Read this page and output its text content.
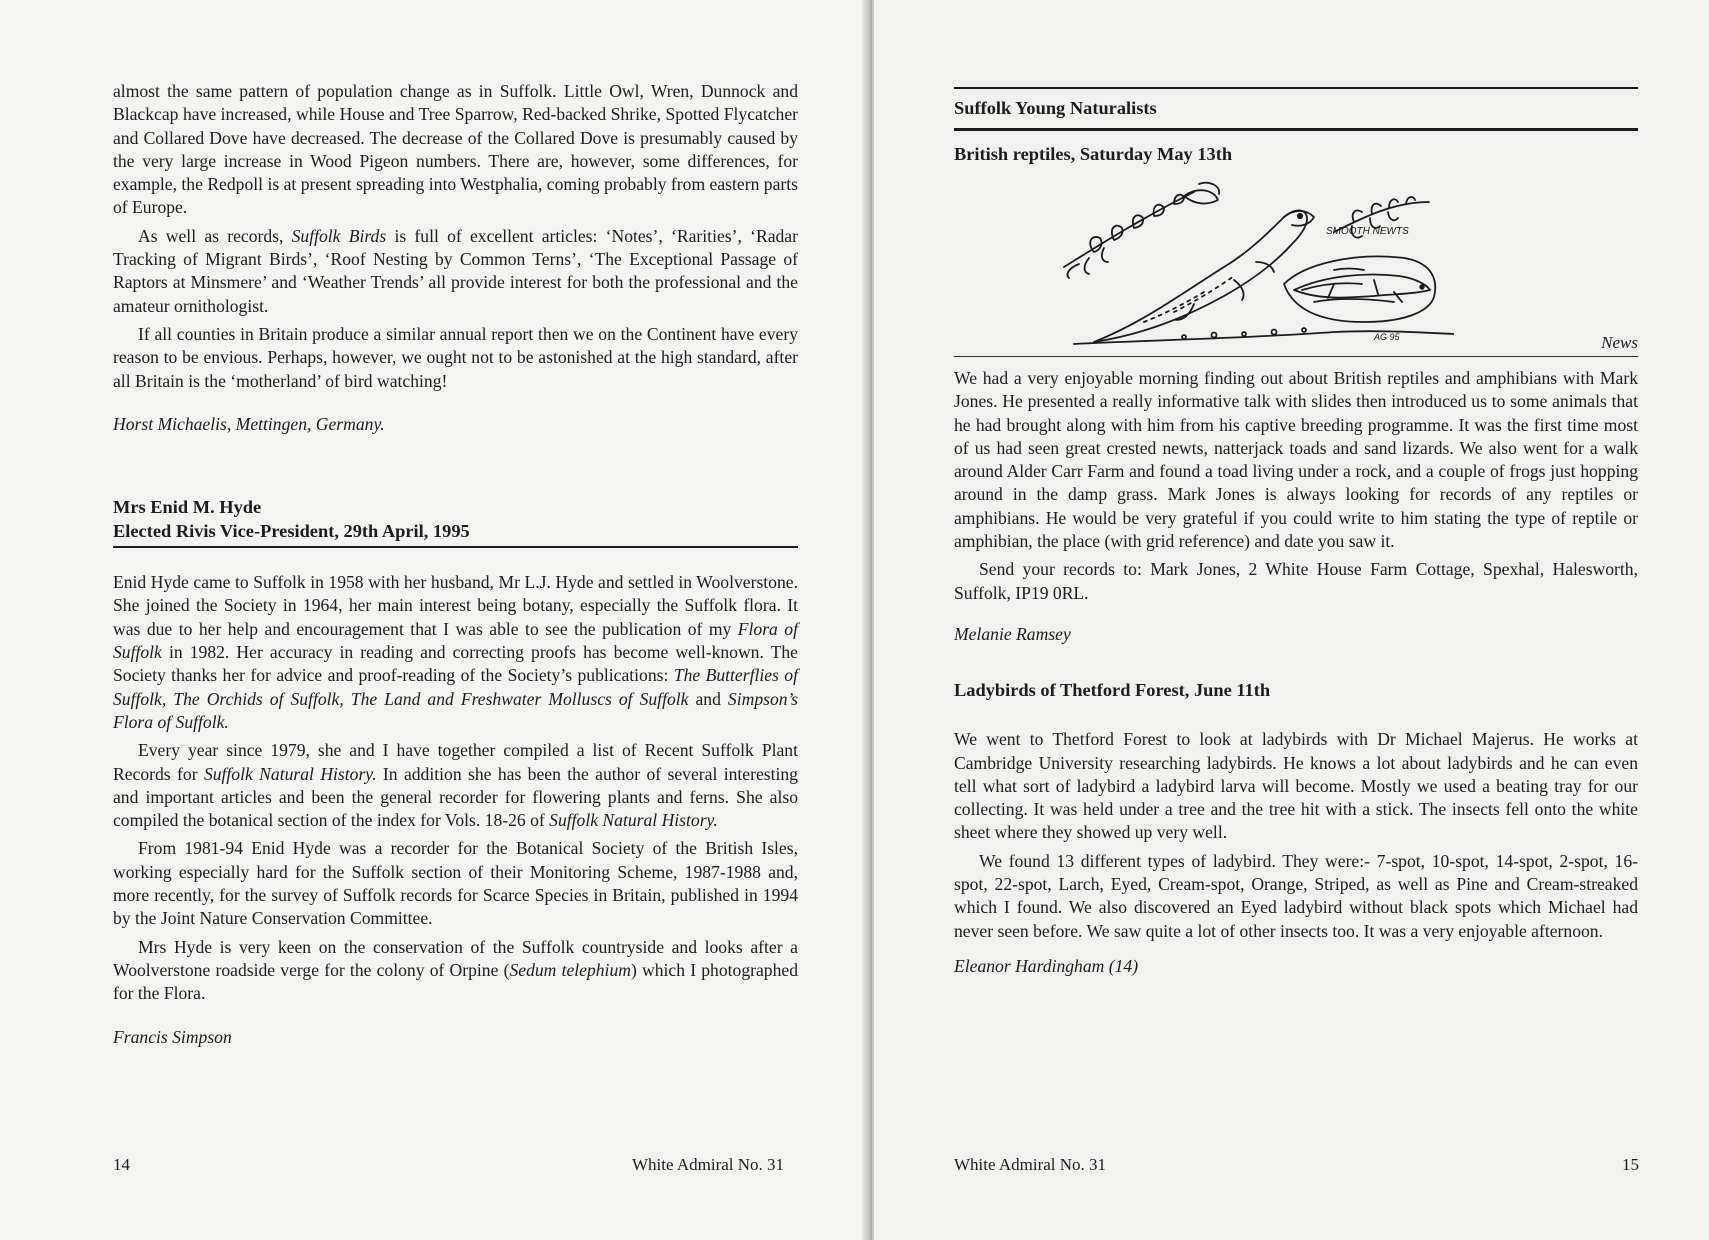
almost the same pattern of population change as in Suffolk. Little Owl, Wren, Dunnock and Blackcap have increased, while House and Tree Sparrow, Red-backed Shrike, Spotted Flycatcher and Collared Dove have decreased. The decrease of the Collared Dove is presumably caused by the very large increase in Wood Pigeon numbers. There are, however, some differences, for example, the Redpoll is at present spreading into Westphalia, coming probably from eastern parts of Europe.

As well as records, Suffolk Birds is full of excellent articles: ‘Notes’, ‘Rarities’, ‘Radar Tracking of Migrant Birds’, ‘Roof Nesting by Common Terns’, ‘The Exceptional Passage of Raptors at Minsmere’ and ‘Weather Trends’ all provide interest for both the professional and the amateur ornithologist.

If all counties in Britain produce a similar annual report then we on the Continent have every reason to be envious. Perhaps, however, we ought not to be astonished at the high standard, after all Britain is the ‘motherland’ of bird watching!

Horst Michaelis, Mettingen, Germany.

Mrs Enid M. Hyde
Elected Rivis Vice-President, 29th April, 1995

Enid Hyde came to Suffolk in 1958 with her husband, Mr L.J. Hyde and settled in Woolverstone. She joined the Society in 1964, her main interest being botany, especially the Suffolk flora. It was due to her help and encouragement that I was able to see the publication of my Flora of Suffolk in 1982. Her accuracy in reading and correcting proofs has become well-known. The Society thanks her for advice and proof-reading of the Society’s publications: The Butterflies of Suffolk, The Orchids of Suffolk, The Land and Freshwater Molluscs of Suffolk and Simpson’s Flora of Suffolk.

Every year since 1979, she and I have together compiled a list of Recent Suffolk Plant Records for Suffolk Natural History. In addition she has been the author of several interesting and important articles and been the general recorder for flowering plants and ferns. She also compiled the botanical section of the index for Vols. 18-26 of Suffolk Natural History.

From 1981-94 Enid Hyde was a recorder for the Botanical Society of the British Isles, working especially hard for the Suffolk section of their Monitoring Scheme, 1987-1988 and, more recently, for the survey of Suffolk records for Scarce Species in Britain, published in 1994 by the Joint Nature Conservation Committee.

Mrs Hyde is very keen on the conservation of the Suffolk countryside and looks after a Woolverstone roadside verge for the colony of Orpine (Sedum telephium) which I photographed for the Flora.

Francis Simpson

14	White Admiral No. 31
Suffolk Young Naturalists
British reptiles, Saturday May 13th
SMOOTH NEWTS
AG 95	News

We had a very enjoyable morning finding out about British reptiles and amphibians with Mark Jones. He presented a really informative talk with slides then introduced us to some animals that he had brought along with him from his captive breeding programme. It was the first time most of us had seen great crested newts, natterjack toads and sand lizards. We also went for a walk around Alder Carr Farm and found a toad living under a rock, and a couple of frogs just hopping around in the damp grass. Mark Jones is always looking for records of any reptiles or amphibians. He would be very grateful if you could write to him stating the type of reptile or amphibian, the place (with grid reference) and date you saw it.

Send your records to: Mark Jones, 2 White House Farm Cottage, Spexhal, Halesworth, Suffolk, IP19 0RL.

Melanie Ramsey

Ladybirds of Thetford Forest, June 11th

We went to Thetford Forest to look at ladybirds with Dr Michael Majerus. He works at Cambridge University researching ladybirds. He knows a lot about ladybirds and he can even tell what sort of ladybird a ladybird larva will become. Mostly we used a beating tray for our collecting. It was held under a tree and the tree hit with a stick. The insects fell onto the white sheet where they showed up very well.

We found 13 different types of ladybird. They were:- 7-spot, 10-spot, 14-spot, 2-spot, 16-spot, 22-spot, Larch, Eyed, Cream-spot, Orange, Striped, as well as Pine and Cream-streaked which I found. We also discovered an Eyed ladybird without black spots which Michael had never seen before. We saw quite a lot of other insects too. It was a very enjoyable afternoon.

Eleanor Hardingham (14)

White Admiral No. 31	15
